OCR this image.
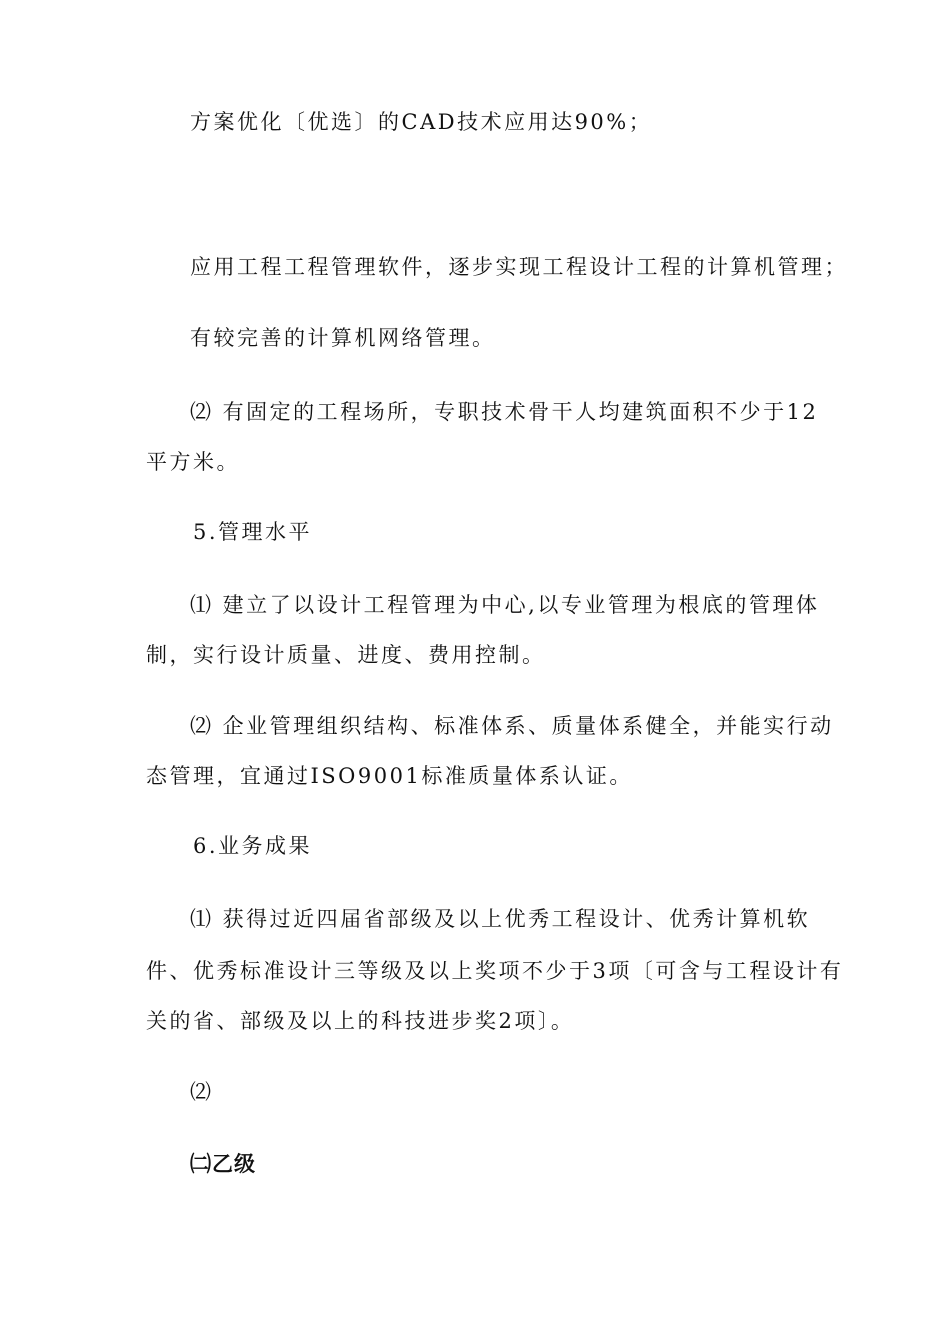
方案优化〔优选〕的CAD技术应用达90%；
应用工程工程管理软件，逐步实现工程设计工程的计算机管理；
有较完善的计算机网络管理。
⑵ 有固定的工程场所，专职技术骨干人均建筑面积不少于12
平方米。
5.管理水平
⑴ 建立了以设计工程管理为中心,以专业管理为根底的管理体
制，实行设计质量、进度、费用控制。
⑵ 企业管理组织结构、标准体系、质量体系健全，并能实行动
态管理，宜通过ISO9001标准质量体系认证。
6.业务成果
⑴ 获得过近四届省部级及以上优秀工程设计、优秀计算机软
件、优秀标准设计三等级及以上奖项不少于3项〔可含与工程设计有
关的省、部级及以上的科技进步奖2项〕。
⑵
㈡乙级
